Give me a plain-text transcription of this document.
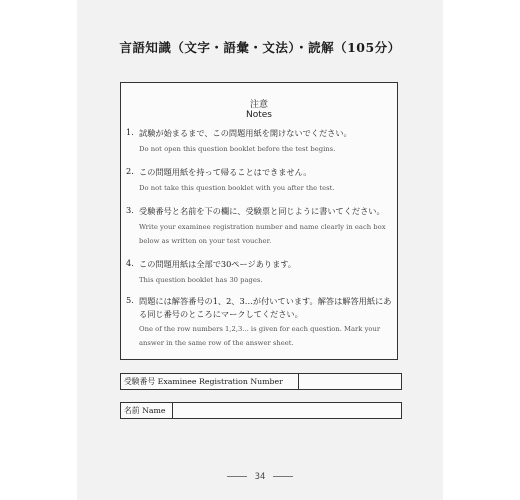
言語知識（文字・語彙・文法）・読解（105分）
注意
Notes
1. 試験が始まるまで、この問題用紙を開けないでください。
Do not open this question booklet before the test begins.
2. この問題用紙を持って帰ることはできません。
Do not take this question booklet with you after the test.
3. 受験番号と名前を下の欄に、受験票と同じように書いてください。
Write your examinee registration number and name clearly in each box below as written on your test voucher.
4. この問題用紙は全部で30ページあります。
This question booklet has 30 pages.
5. 問題には解答番号の1、2、3…が付いています。解答は解答用紙にある同じ番号のところにマークしてください。
One of the row numbers 1,2,3... is given for each question. Mark your answer in the same row of the answer sheet.
受験番号 Examinee Registration Number
名前 Name
34
